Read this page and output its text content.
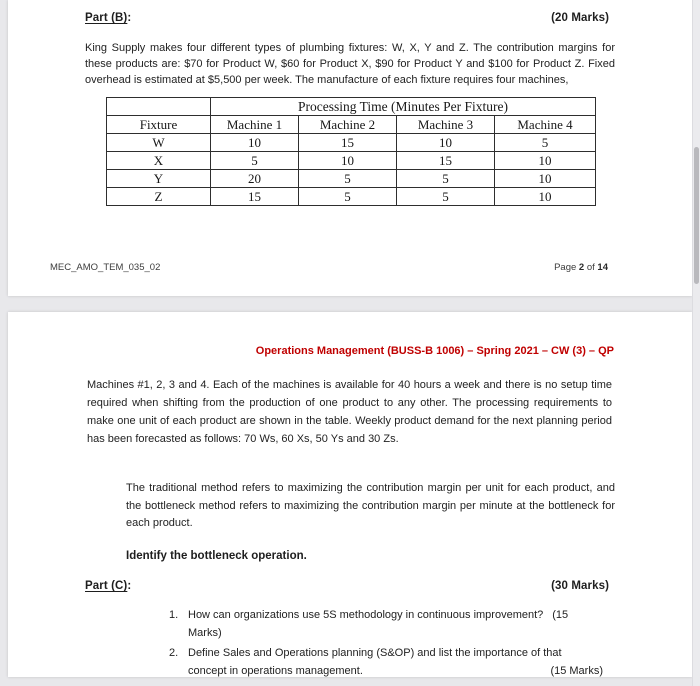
Part (B):	(20 Marks)
King Supply makes four different types of plumbing fixtures: W, X, Y and Z. The contribution margins for these products are: $70 for Product W, $60 for Product X, $90 for Product Y and $100 for Product Z. Fixed overhead is estimated at $5,500 per week. The manufacture of each fixture requires four machines,
	Processing Time (Minutes Per Fixture)			
Fixture	Machine 1	Machine 2	Machine 3	Machine 4
W	10	15	10	5
X	5	10	15	10
Y	20	5	5	10
Z	15	5	5	10
MEC_AMO_TEM_035_02	Page 2 of 14
Operations Management (BUSS-B 1006) – Spring 2021 – CW (3) – QP
Machines #1, 2, 3 and 4. Each of the machines is available for 40 hours a week and there is no setup time required when shifting from the production of one product to any other. The processing requirements to make one unit of each product are shown in the table. Weekly product demand for the next planning period has been forecasted as follows: 70 Ws, 60 Xs, 50 Ys and 30 Zs.
The traditional method refers to maximizing the contribution margin per unit for each product, and the bottleneck method refers to maximizing the contribution margin per minute at the bottleneck for each product.
Identify the bottleneck operation.
Part (C):	(30 Marks)
1. How can organizations use 5S methodology in continuous improvement? (15 Marks)
2. Define Sales and Operations planning (S&OP) and list the importance of that concept in operations management.	(15 Marks)
